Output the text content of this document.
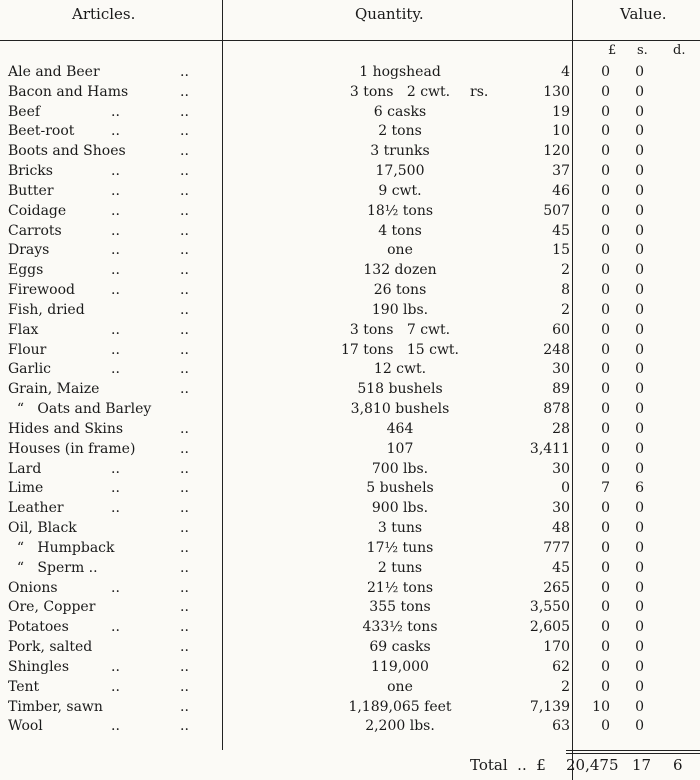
Articles.	Quantity.	Value.
£ s. d.
Ale and Beer	..	1 hogshead	4	0	0
Bacon and Hams	..	3 tons   2 cwt.	rs.	130	0	0
Beef	..	..	6 casks	19	0	0
Beet-root	..	..	2 tons	10	0	0
Boots and Shoes	..	3 trunks	120	0	0
Bricks	..	..	17,500	37	0	0
Butter	..	..	9 cwt.	46	0	0
Coidage	..	..	18½ tons	507	0	0
Carrots	..	..	4 tons	45	0	0
Drays	..	..	one	15	0	0
Eggs	..	..	132 dozen	2	0	0
Firewood	..	..	26 tons	8	0	0
Fish, dried	..	190 lbs.	2	0	0
Flax	..	..	3 tons   7 cwt.	60	0	0
Flour	..	..	17 tons   15 cwt.	248	0	0
Garlic	..	..	12 cwt.	30	0	0
Grain, Maize	..	518 bushels	89	0	0
“   Oats and Barley	3,810 bushels	878	0	0
Hides and Skins	..	464	28	0	0
Houses (in frame)	..	107	3,411	0	0
Lard	..	..	700 lbs.	30	0	0
Lime	..	..	5 bushels	0	7	6
Leather	..	..	900 lbs.	30	0	0
Oil, Black	..	3 tuns	48	0	0
“   Humpback	..	17½ tuns	777	0	0
“   Sperm ..	..	2 tuns	45	0	0
Onions	..	..	21½ tons	265	0	0
Ore, Copper	..	355 tons	3,550	0	0
Potatoes	..	..	433½ tons	2,605	0	0
Pork, salted	..	69 casks	170	0	0
Shingles	..	..	119,000	62	0	0
Tent	..	..	one	2	0	0
Timber, sawn	..	1,189,065 feet	7,139	10	0
Wool	..	..	2,200 lbs.	63	0	0
Total  ..  £ 20,475 17 6
